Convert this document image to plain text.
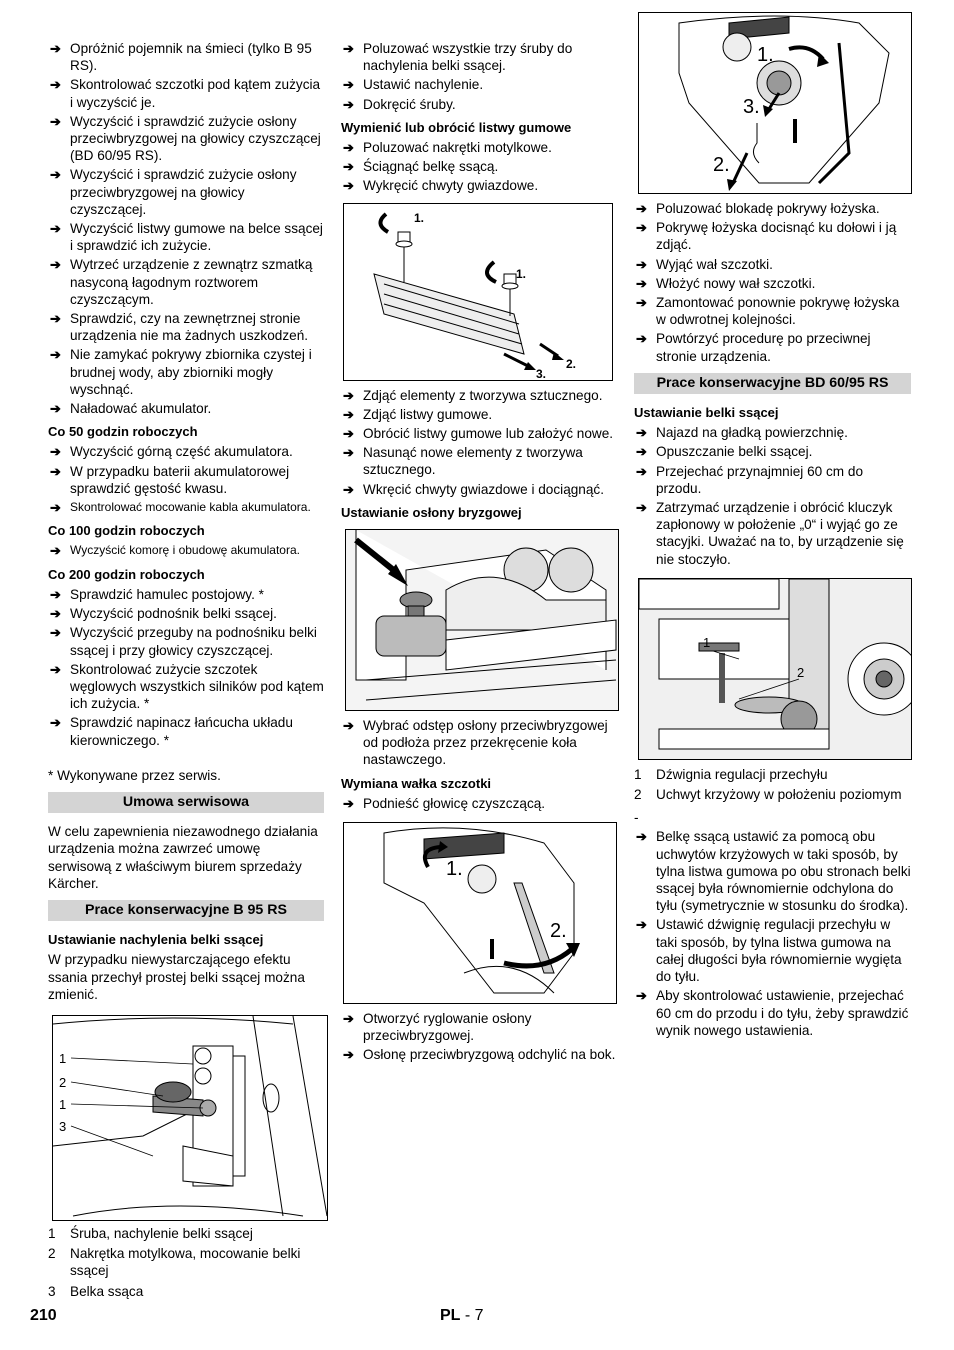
➔ Opróżnić pojemnik na śmieci (tylko B 95 RS).
➔ Skontrolować szczotki pod kątem zużycia i wyczyścić je.
➔ Wyczyścić i sprawdzić zużycie osłony przeciwbryzgowej na głowicy czyszczącej (BD 60/95 RS).
➔ Wyczyścić i sprawdzić zużycie osłony przeciwbryzgowej na głowicy czyszczącej.
➔ Wyczyścić listwy gumowe na belce ssącej i sprawdzić ich zużycie.
➔ Wytrzeć urządzenie z zewnątrz szmatką nasyconą łagodnym roztworem czyszczącym.
➔ Sprawdzić, czy na zewnętrznej stronie urządzenia nie ma żadnych uszkodzeń.
➔ Nie zamykać pokrywy zbiornika czystej i brudnej wody, aby zbiorniki mogły wyschnąć.
➔ Naładować akumulator.
Co 50 godzin roboczych
➔ Wyczyścić górną część akumulatora.
➔ W przypadku baterii akumulatorowej sprawdzić gęstość kwasu.
➔ Skontrolować mocowanie kabla akumulatora.
Co 100 godzin roboczych
➔ Wyczyścić komorę i obudowę akumulatora.
Co 200 godzin roboczych
➔ Sprawdzić hamulec postojowy. *
➔ Wyczyścić podnośnik belki ssącej.
➔ Wyczyścić przeguby na podnośniku belki ssącej i przy głowicy czyszczącej.
➔ Skontrolować zużycie szczotek węglowych wszystkich silników pod kątem ich zużycia. *
➔ Sprawdzić napinacz łańcucha układu kierowniczego. *

* Wykonywane przez serwis.

Umowa serwisowa

W celu zapewnienia niezawodnego działania urządzenia można zawrzeć umowę serwisową z właściwym biurem sprzedaży Kärcher.

Prace konserwacyjne B 95 RS
Ustawianie nachylenia belki ssącej

W przypadku niewystarczającego efektu ssania przechył prostej belki ssącej można zmienić.

1
2
1
3
1	Śruba, nachylenie belki ssącej
2	Nakrętka motylkowa, mocowanie belki ssącej
3	Belka ssąca
➔ Poluzować wszystkie trzy śruby do nachylenia belki ssącej.
➔ Ustawić nachylenie.
➔ Dokręcić śruby.
Wymienić lub obrócić listwy gumowe
➔ Poluzować nakrętki motylkowe.
➔ Ściągnąć belkę ssącą.
➔ Wykręcić chwyty gwiazdowe.
1.
1.
2.
3.
➔ Zdjąć elementy z tworzywa sztucznego.
➔ Zdjąć listwy gumowe.
➔ Obrócić listwy gumowe lub założyć nowe.
➔ Nasunąć nowe elementy z tworzywa sztucznego.
➔ Wkręcić chwyty gwiazdowe i dociągnąć.
Ustawianie osłony bryzgowej
➔ Wybrać odstęp osłony przeciwbryzgowej od podłoża przez przekręcenie koła nastawczego.
Wymiana wałka szczotki
➔ Podnieść głowicę czyszczącą.
1.
2.
➔ Otworzyć ryglowanie osłony przeciwbryzgowej.
➔ Osłonę przeciwbryzgową odchylić na bok.
1.
3.
2.
➔ Poluzować blokadę pokrywy łożyska.
➔ Pokrywę łożyska docisnąć ku dołowi i ją zdjąć.
➔ Wyjąć wał szczotki.
➔ Włożyć nowy wał szczotki.
➔ Zamontować ponownie pokrywę łożyska w odwrotnej kolejności.
➔ Powtórzyć procedurę po przeciwnej stronie urządzenia.
Prace konserwacyjne BD 60/95 RS
Ustawianie belki ssącej
➔ Najazd na gładką powierzchnię.
➔ Opuszczanie belki ssącej.
➔ Przejechać przynajmniej 60 cm do przodu.
➔ Zatrzymać urządzenie i obrócić kluczyk zapłonowy w położenie „0“ i wyjąć go ze stacyjki. Uważać na to, by urządzenie się nie stoczyło.
1
2
1	Dźwignia regulacji przechyłu
2	Uchwyt krzyżowy w położeniu poziomym

-

➔ Belkę ssącą ustawić za pomocą obu uchwytów krzyżowych w taki sposób, by tylna listwa gumowa po obu stronach belki ssącej była równomiernie odchylona do tyłu (symetrycznie w stosunku do środka).
➔ Ustawić dźwignię regulacji przechyłu w taki sposób, by tylna listwa gumowa na całej długości była równomiernie wygięta do tyłu.
➔ Aby skontrolować ustawienie, przejechać 60 cm do przodu i do tyłu, żeby sprawdzić wynik nowego ustawienia.
210	PL - 7
